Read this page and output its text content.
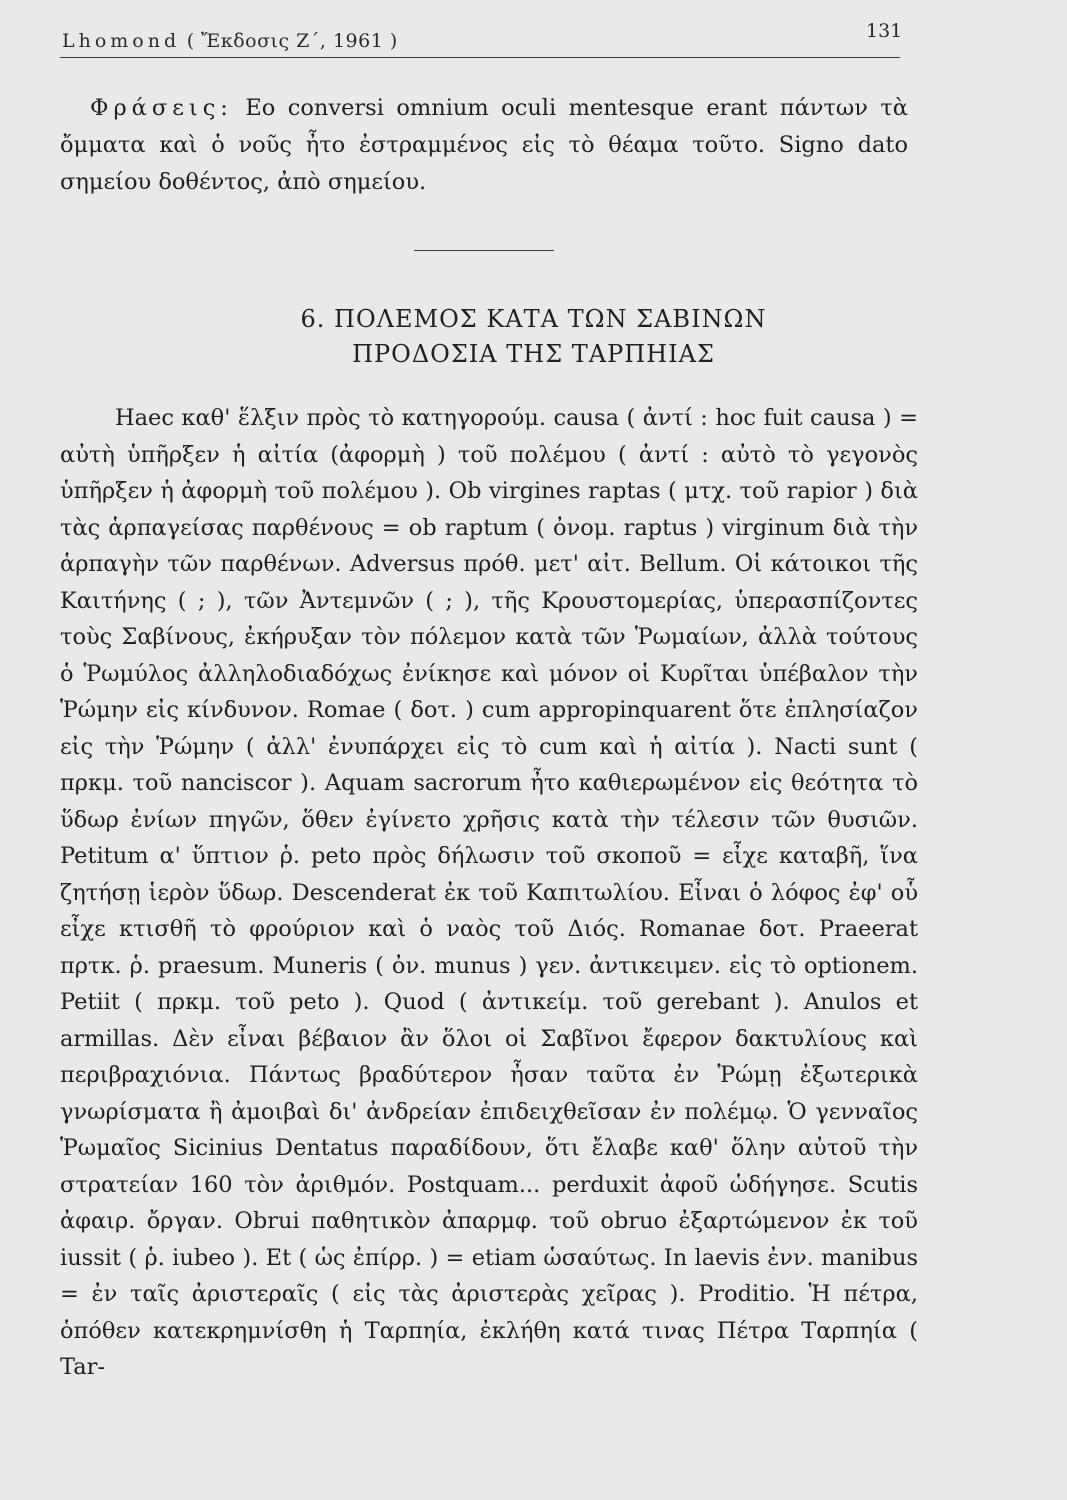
Lhomond ( Ἔκδοσις Ζ΄, 1961 )	131
Φράσεις: Eo conversi omnium oculi mentesque erant πάντων τὰ ὄμματα καὶ ὁ νοῦς ἦτο ἐστραμμένος εἰς τὸ θέαμα τοῦτο. Signo dato σημείου δοθέντος, ἀπὸ σημείου.
6. ΠΟΛΕΜΟΣ ΚΑΤΑ ΤΩΝ ΣΑΒΙΝΩΝ
ΠΡΟΔΟΣΙΑ ΤΗΣ ΤΑΡΠΗΙΑΣ
Haec καθ' ἕλξιν πρὸς τὸ κατηγορούμ. causa ( ἀντί : hoc fuit causa ) = αὐτὴ ὑπῆρξεν ἡ αἰτία (ἀφορμὴ ) τοῦ πολέμου ( ἀντί : αὐτὸ τὸ γεγονὸς ὑπῆρξεν ἡ ἀφορμὴ τοῦ πολέμου ). Ob virgines raptas ( μτχ. τοῦ rapior ) διὰ τὰς ἁρπαγείσας παρθένους = ob raptum ( ὀνομ. raptus ) virginum διὰ τὴν ἁρπαγὴν τῶν παρθένων. Adversus πρόθ. μετ' αἰτ. Bellum. Οἱ κάτοικοι τῆς Καιτήνης ( ; ), τῶν Ἀντεμνῶν ( ; ), τῆς Κρουστομερίας, ὑπερασπίζοντες τοὺς Σαβίνους, ἐκήρυξαν τὸν πόλεμον κατὰ τῶν Ῥωμαίων, ἀλλὰ τούτους ὁ Ῥωμύλος ἀλληλοδιαδόχως ἐνίκησε καὶ μόνον οἱ Κυρῖται ὑπέβαλον τὴν Ῥώμην εἰς κίνδυνον. Romae ( δοτ. ) cum appropinquarent ὅτε ἐπλησίαζον εἰς τὴν Ῥώμην ( ἀλλ' ἐνυπάρχει εἰς τὸ cum καὶ ἡ αἰτία ). Nacti sunt ( πρκμ. τοῦ nanciscor ). Aquam sacrorum ἦτο καθιερωμένον εἰς θεότητα τὸ ὕδωρ ἐνίων πηγῶν, ὅθεν ἐγίνετο χρῆσις κατὰ τὴν τέλεσιν τῶν θυσιῶν. Petitum α' ὕπτιον ῥ. peto πρὸς δήλωσιν τοῦ σκοποῦ = εἶχε καταβῆ, ἵνα ζητήσῃ ἱερὸν ὕδωρ. Descenderat ἐκ τοῦ Καπιτωλίου. Εἶναι ὁ λόφος ἐφ' οὗ εἶχε κτισθῆ τὸ φρούριον καὶ ὁ ναὸς τοῦ Διός. Romanae δοτ. Praeerat πρτκ. ῥ. praesum. Muneris ( ὀν. munus ) γεν. ἀντικειμεν. εἰς τὸ optionem. Petiit ( πρκμ. τοῦ peto ). Quod ( ἀντικείμ. τοῦ gerebant ). Anulos et armillas. Δὲν εἶναι βέβαιον ἂν ὅλοι οἱ Σαβῖνοι ἔφερον δακτυλίους καὶ περιβραχιόνια. Πάντως βραδύτερον ἦσαν ταῦτα ἐν Ῥώμῃ ἐξωτερικὰ γνωρίσματα ἢ ἀμοιβαὶ δι' ἀνδρείαν ἐπιδειχθεῖσαν ἐν πολέμῳ. Ὁ γενναῖος Ῥωμαῖος Sicinius Dentatus παραδίδουν, ὅτι ἔλαβε καθ' ὅλην αὐτοῦ τὴν στρατείαν 160 τὸν ἀριθμόν. Postquam... perduxit ἀφοῦ ὡδήγησε. Scutis ἀφαιρ. ὄργαν. Obrui παθητικὸν ἀπαρμφ. τοῦ obruo ἐξαρτώμενον ἐκ τοῦ iussit ( ῥ. iubeo ). Et ( ὡς ἐπίρρ. ) = etiam ὡσαύτως. In laevis ἐνν. manibus = ἐν ταῖς ἀριστεραῖς ( εἰς τὰς ἀριστερὰς χεῖρας ). Proditio. Ἡ πέτρα, ὁπόθεν κατεκρημνίσθη ἡ Ταρπηία, ἐκλήθη κατά τινας Πέτρα Ταρπηία ( Tar-
